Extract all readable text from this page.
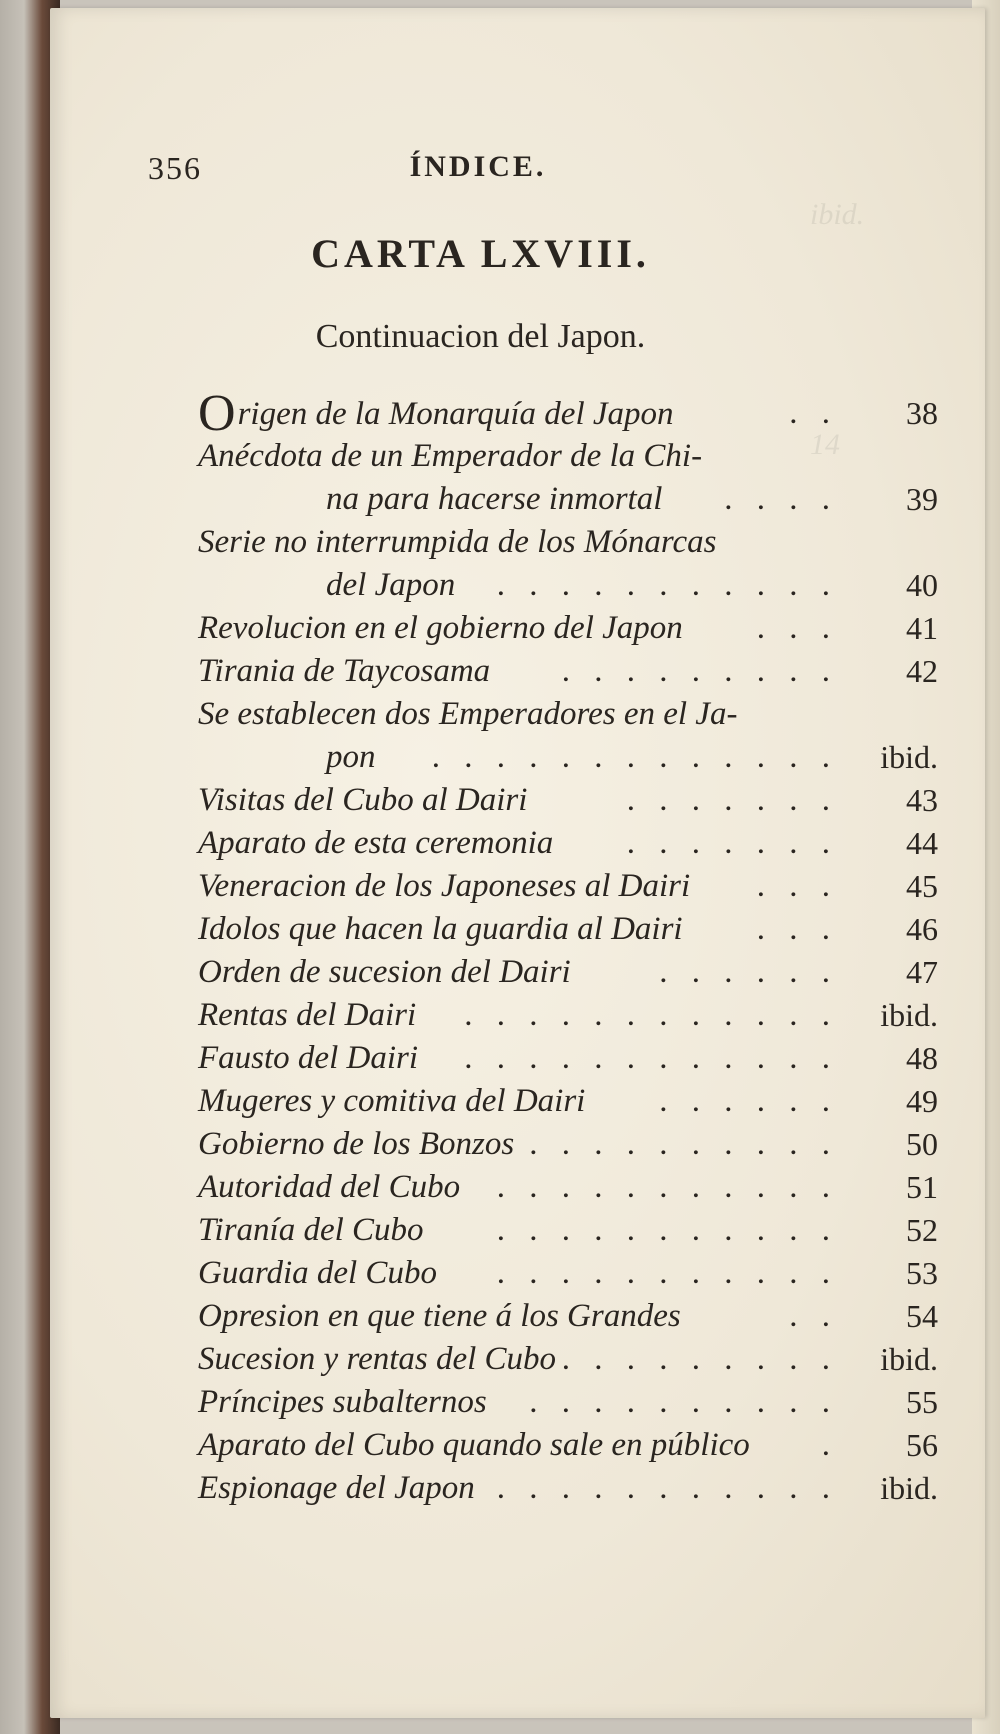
ibid.
14
356	ÍNDICE.
CARTA LXVIII.
Continuacion del Japon.
Origen de la Monarquía del Japon	. .	38
Anécdota de un Emperador de la Chi-
na para hacerse inmortal . . . .	39
Serie no interrumpida de los Mónarcas
del Japon . . . . . . . . . . .	40
Revolucion en el gobierno del Japon . . .	41
Tirania de Taycosama . . . . . . . . .	42
Se establecen dos Emperadores en el Ja-
pon . . . . . . . . . . . . .	ibid.
Visitas del Cubo al Dairi	. . . . . . .	43
Aparato de esta ceremonia . . . . . . .	44
Veneracion de los Japoneses al Dairi . . .	45
Idolos que hacen la guardia al Dairi . . .	46
Orden de sucesion del Dairi	. . . . . .	47
Rentas del Dairi . . . . . . . . . . . .	ibid.
Fausto del Dairi . . . . . . . . . . . .	48
Mugeres y comitiva del Dairi . . . . . .	49
Gobierno de los Bonzos . . . . . . . . . .	50
Autoridad del Cubo . . . . . . . . . . .	51
Tiranía del Cubo . . . . . . . . . . .	52
Guardia del Cubo . . . . . . . . . . .	53
Opresion en que tiene á los Grandes	. .	54
Sucesion y rentas del Cubo . . . . . . . . .	ibid.
Príncipes subalternos . . . . . . . . . .	55
Aparato del Cubo quando sale en público .	56
Espionage del Japon . . . . . . . . . . .	ibid.
